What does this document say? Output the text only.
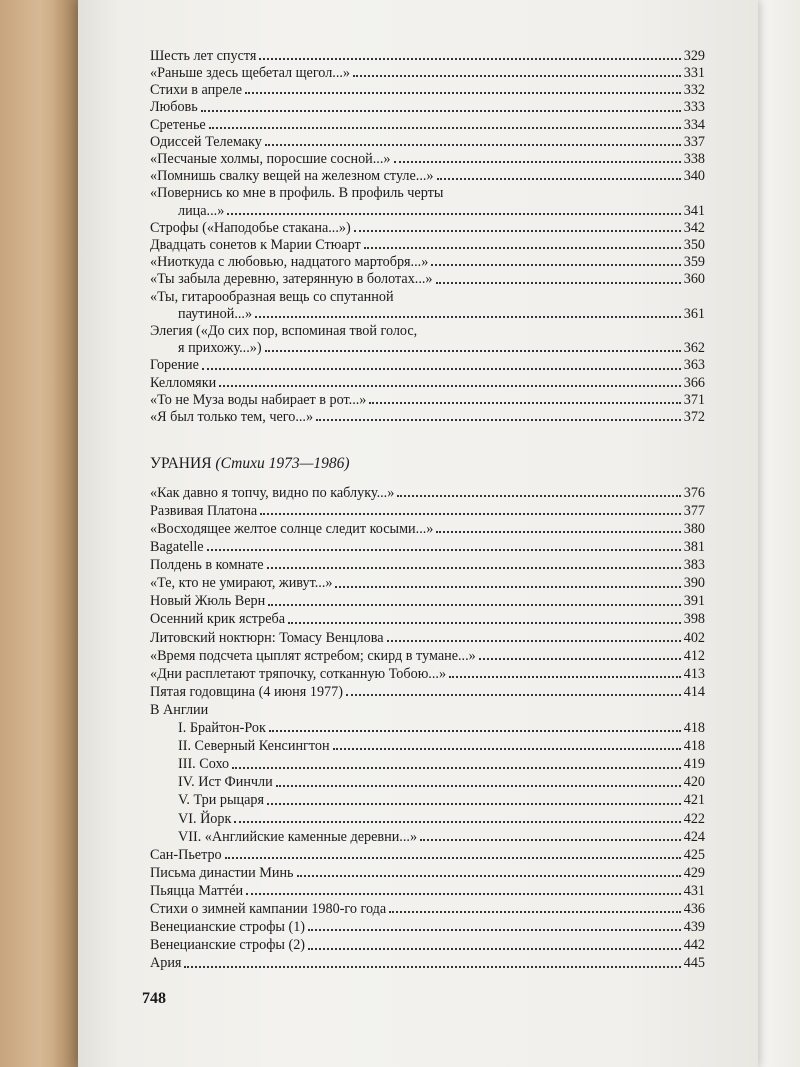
Шесть лет спустя	329
«Раньше здесь щебетал щегол...»	331
Стихи в апреле	332
Любовь	333
Сретенье	334
Одиссей Телемаку	337
«Песчаные холмы, поросшие сосной...»	338
«Помнишь свалку вещей на железном стуле...»	340
«Повернись ко мне в профиль. В профиль черты
лица...»	341
Строфы («Наподобье стакана...»)	342
Двадцать сонетов к Марии Стюарт	350
«Ниоткуда с любовью, надцатого мартобря...»	359
«Ты забыла деревню, затерянную в болотах...»	360
«Ты, гитарообразная вещь со спутанной
паутиной...»	361
Элегия («До сих пор, вспоминая твой голос,
я прихожу...»)	362
Горение	363
Келломяки	366
«То не Муза воды набирает в рот...»	371
«Я был только тем, чего...»	372
УРАНИЯ (Стихи 1973—1986)
«Как давно я топчу, видно по каблуку...»	376
Развивая Платона	377
«Восходящее желтое солнце следит косыми...»	380
Bagatelle	381
Полдень в комнате	383
«Те, кто не умирают, живут...»	390
Новый Жюль Верн	391
Осенний крик ястреба	398
Литовский ноктюрн: Томасу Венцлова	402
«Время подсчета цыплят ястребом; скирд в тумане...»	412
«Дни расплетают тряпочку, сотканную Тобою...»	413
Пятая годовщина (4 июня 1977)	414
В Англии
I. Брайтон-Рок	418
II. Северный Кенсингтон	418
III. Сохо	419
IV. Ист Финчли	420
V. Три рыцаря	421
VI. Йорк	422
VII. «Английские каменные деревни...»	424
Сан-Пьетро	425
Письма династии Минь	429
Пьяцца Маттéи	431
Стихи о зимней кампании 1980-го года	436
Венецианские строфы (1)	439
Венецианские строфы (2)	442
Ария	445
748
